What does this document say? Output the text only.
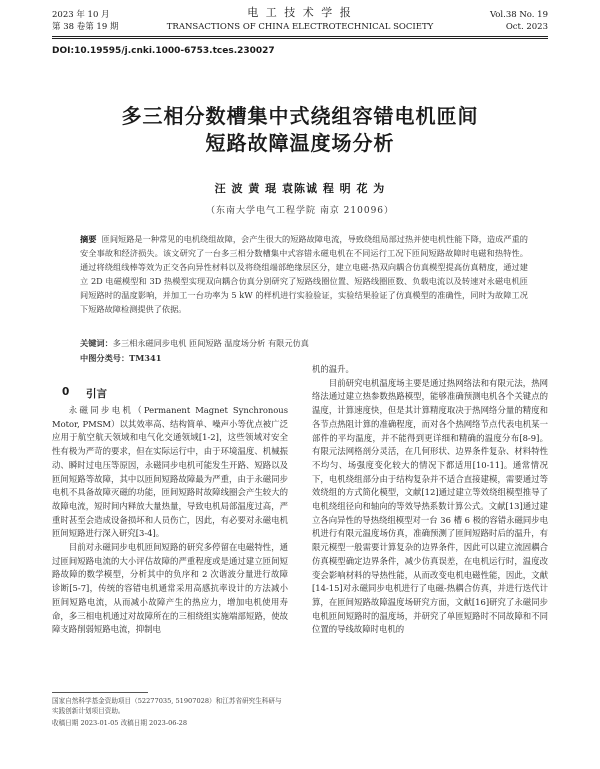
2023 年 10 月
第 38 卷第 19 期
电 工 技 术 学 报
TRANSACTIONS OF CHINA ELECTROTECHNICAL SOCIETY
Vol.38 No. 19
Oct. 2023
DOI:10.19595/j.cnki.1000-6753.tces.230027
多三相分数槽集中式绕组容错电机匝间
短路故障温度场分析
汪 波 黄 琨 袁陈诚 程 明 花 为
（东南大学电气工程学院 南京 210096）
摘要 匝间短路是一种常见的电机绕组故障，会产生很大的短路故障电流，导致绕组局部过热并使电机性能下降，造成严重的安全事故和经济损失。该文研究了一台多三相分数槽集中式容错永磁电机在不同运行工况下匝间短路故障时电磁和热特性。通过将绕组线棒等效为正交各向异性材料以及将绕组端部绝缘层区分，建立电磁-热双向耦合仿真模型提高仿真精度，通过建立 2D 电磁模型和 3D 热模型实现双向耦合仿真分别研究了短路线圈位置、短路线圈匝数、负载电流以及转速对永磁电机匝间短路时的温度影响，并加工一台功率为 5 kW 的样机进行实验验证，实验结果验证了仿真模型的准确性，同时为故障工况下短路故障检测提供了依据。
关键词：多三相永磁同步电机 匝间短路 温度场分析 有限元仿真
中图分类号：TM341
0 引言

永磁同步电机（Permanent Magnet Synchronous Motor, PMSM）以其效率高、结构简单、噪声小等优点被广泛应用于航空航天领域和电气化交通领域[1-2]，这些领域对安全性有极为严苛的要求，但在实际运行中，由于环境温度、机械振动、瞬时过电压等原因，永磁同步电机可能发生开路、短路以及匝间短路等故障，其中以匝间短路故障最为严重，由于永磁同步电机不具备故障灭磁的功能，匝间短路时故障线圈会产生较大的故障电流，短时间内释放大量热量，导致电机局部温度过高，严重时甚至会造成设备损坏和人员伤亡，因此，有必要对永磁电机匝间短路进行深入研究[3-4]。

目前对永磁同步电机匝间短路的研究多停留在电磁特性，通过匝间短路电流的大小评估故障的严重程度或是通过建立匝间短路故障的数学模型，分析其中的负序和 2 次谐波分量进行故障诊断[5-7]，传统的容错电机通常采用高感抗率设计的方法减小匝间短路电流，从而减小故障产生的热应力，增加电机使用寿命，多三相电机通过对故障所在的三相绕组实施端部短路，使故障支路削弱短路电流，抑制电

国家自然科学基金资助项目（52277035, 51907028）和江苏省研究生科研与实践创新计划项目资助。
收稿日期 2023-01-05 改稿日期 2023-06-28

机的温升。

目前研究电机温度场主要是通过热网络法和有限元法，热网络法通过建立热参数热路模型，能够准确预测电机各个关键点的温度，计算速度快，但是其计算精度取决于热网络分量的精度和各节点热阻计算的准确程度，而对各个热网络节点代表电机某一部件的平均温度，并不能得到更详细和精确的温度分布[8-9]。有限元法网格剖分灵活，在几何形状、边界条件复杂、材料特性不均匀、场强度变化较大的情况下都适用[10-11]。通常情况下，电机绕组部分由于结构复杂并不适合直接建模，需要通过等效绕组的方式简化模型，文献[12]通过建立等效绕组模型推导了电机绕组径向和轴向的等效导热系数计算公式。文献[13]通过建立各向异性的导热绕组模型对一台 36 槽 6 极的容错永磁同步电机进行有限元温度场仿真，准确预测了匝间短路时后的温升，有限元模型一般需要计算复杂的边界条件，因此可以建立流固耦合仿真模型确定边界条件，减少仿真误差，在电机运行时，温度改变会影响材料的导热性能，从而改变电机电磁性能，因此，文献[14-15]对永磁同步电机进行了电磁-热耦合仿真，并进行迭代计算，在匝间短路故障温度场研究方面，文献[16]研究了永磁同步电机匝间短路时的温度场，并研究了单匝短路时不同故障和不同位置的导线故障时电机的
